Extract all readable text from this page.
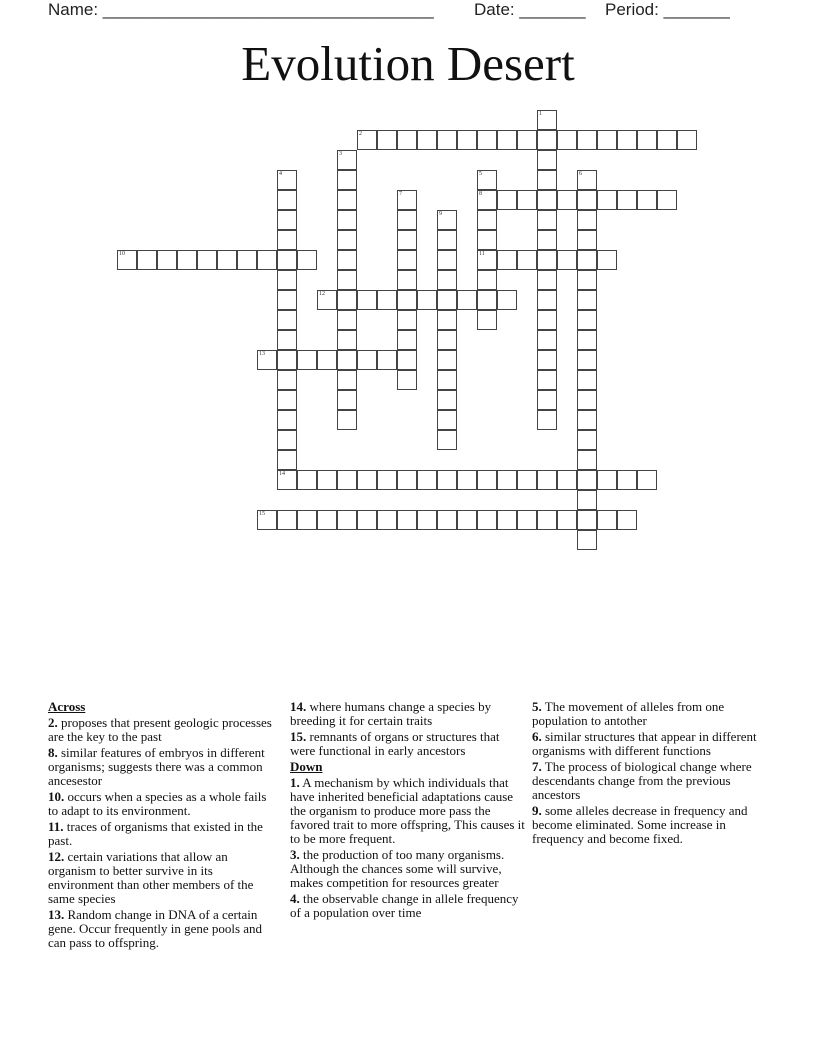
Name: ___________________________________ Date: _______ Period: _______
Evolution Desert
1
2
3
4	5
8
11
6
7
9
10
12
13
14
15
Across
2. proposes that present geologic processes are the key to the past
8. similar features of embryos in different organisms; suggests there was a common ancesestor
10. occurs when a species as a whole fails to adapt to its environment.
11. traces of organisms that existed in the past.
12. certain variations that allow an organism to better survive in its environment than other members of the same species
13. Random change in DNA of a certain gene. Occur frequently in gene pools and can pass to offspring.
14. where humans change a species by breeding it for certain traits
15. remnants of organs or structures that were functional in early ancestors
Down
1. A mechanism by which individuals that have inherited beneficial adaptations cause the organism to produce more pass the favored trait to more offspring, This causes it to be more frequent.
3. the production of too many organisms. Although the chances some will survive, makes competition for resources greater
4. the observable change in allele frequency of a population over time
5. The movement of alleles from one population to antother
6. similar structures that appear in different organisms with different functions
7. The process of biological change where descendants change from the previous ancestors
9. some alleles decrease in frequency and become eliminated. Some increase in frequency and become fixed.
